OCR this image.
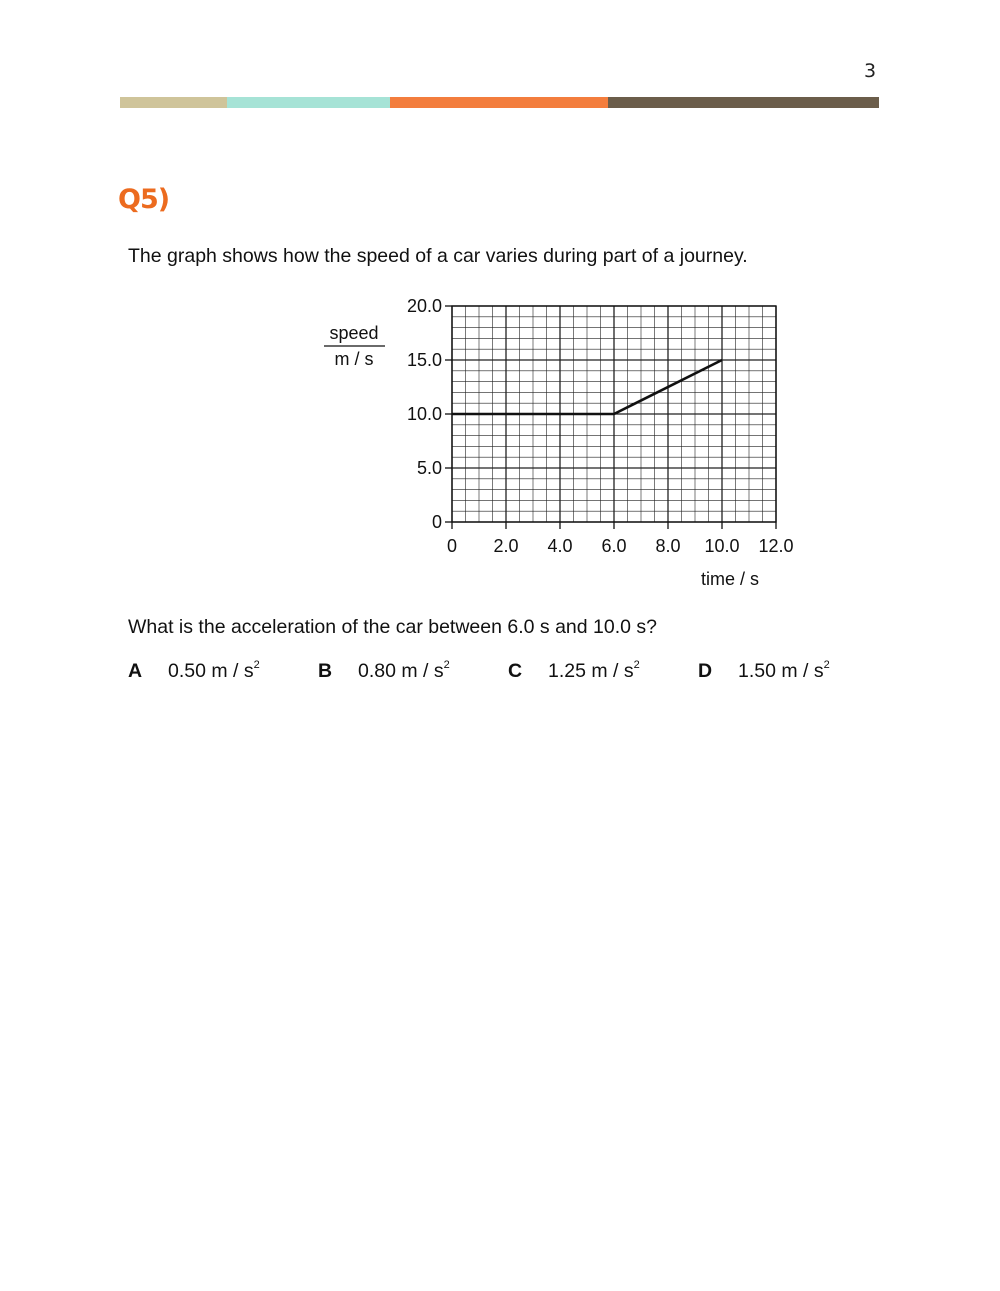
3
Q5)
The graph shows how the speed of a car varies during part of a journey.
0
5.0
10.0
15.0
20.0
0 2.0 4.0 6.0 8.0 10.0 12.0
speed
m / s
time / s
What is the acceleration of the car between 6.0 s and 10.0 s?
A 0.50 m / $s^2$	B 0.80 m / $s^2$	C 1.25 m / $s^2$	D 1.50 m / $s^2$
